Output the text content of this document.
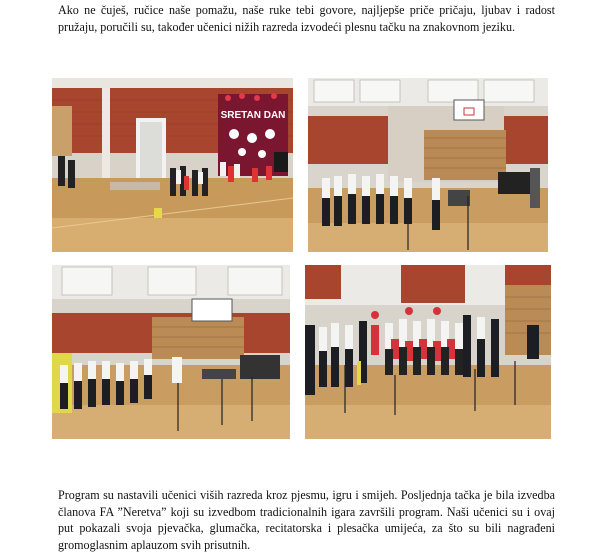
Ako ne čuješ, ručice naše pomažu, naše ruke tebi govore, najljepše priče pričaju, ljubav i radost pružaju, poručili su, također učenici nižih razreda izvodeći plesnu tačku na znakovnom jeziku.

SRETAN DAN

Program su nastavili učenici viših razreda kroz pjesmu, igru i smijeh. Posljednja tačka je bila izvedba članova FA ”Neretva” koji su izvedbom tradicionalnih igara završili program. Naši učenici su i ovaj put pokazali svoja pjevačka, glumačka, recitatorska i plesačka umijeća, za što su bili nagrađeni gromoglasnim aplauzom svih prisutnih.
